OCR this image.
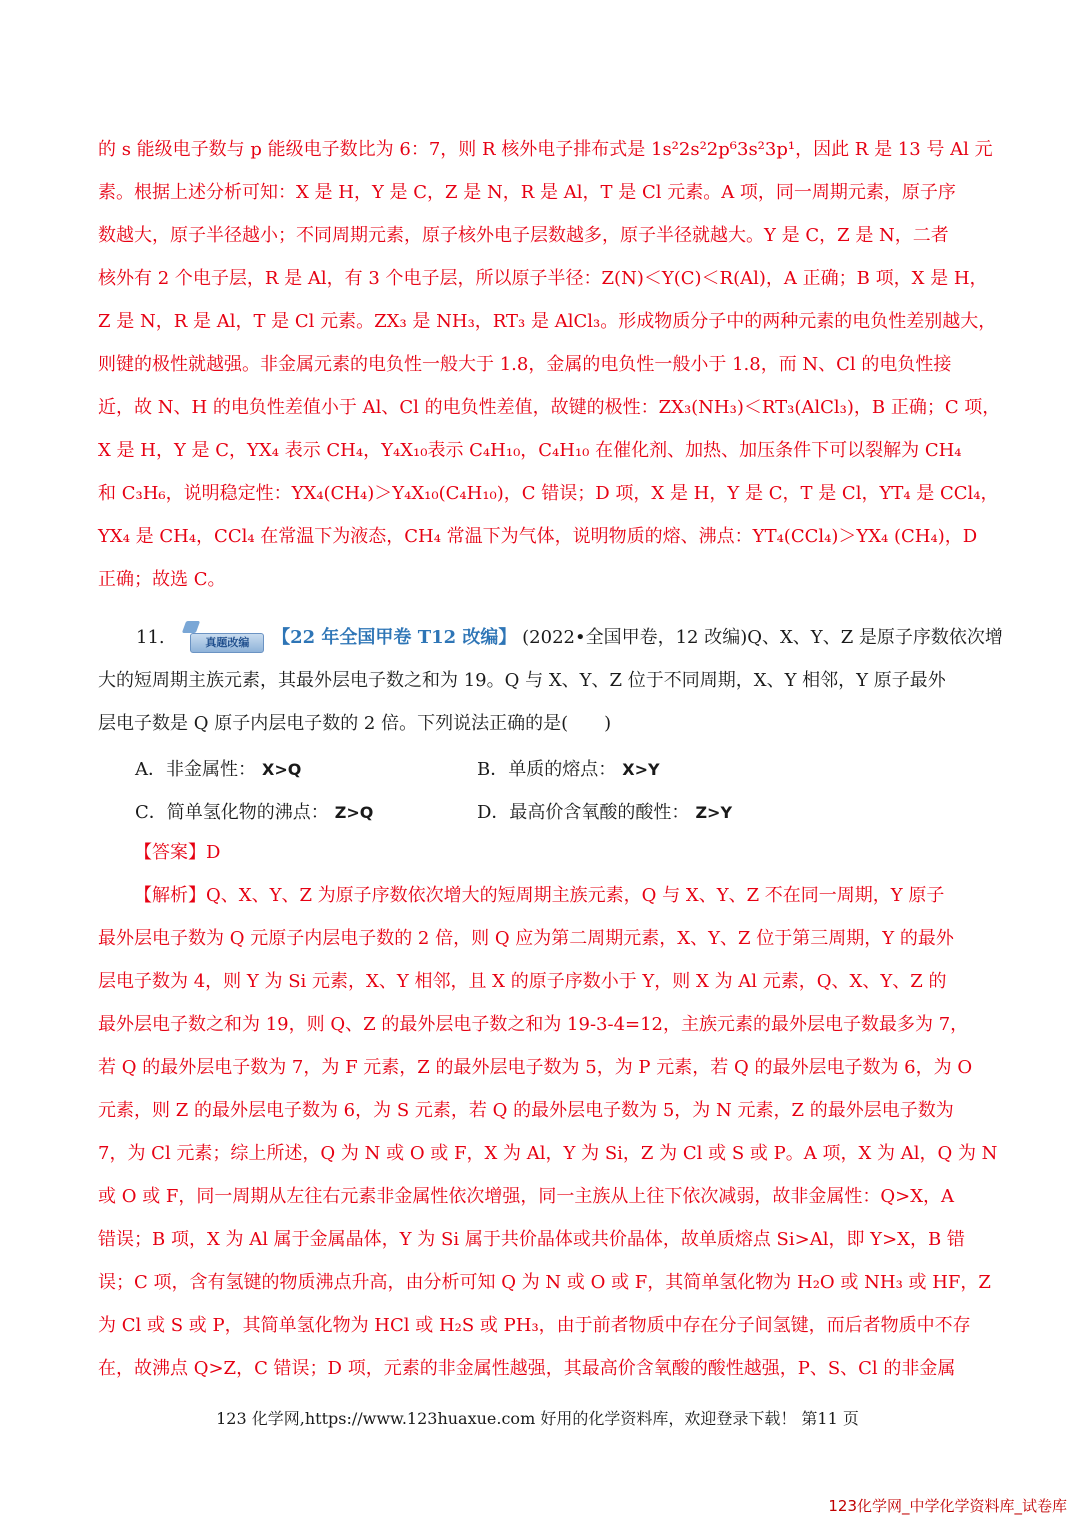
的 s 能级电子数与 p 能级电子数比为 6：7，则 R 核外电子排布式是 1s²2s²2p⁶3s²3p¹，因此 R 是 13 号 Al 元
素。根据上述分析可知：X 是 H，Y 是 C，Z 是 N，R 是 Al，T 是 Cl 元素。A 项，同一周期元素，原子序
数越大，原子半径越小；不同周期元素，原子核外电子层数越多，原子半径就越大。Y 是 C，Z 是 N，二者
核外有 2 个电子层，R 是 Al，有 3 个电子层，所以原子半径：Z(N)＜Y(C)＜R(Al)，A 正确；B 项，X 是 H，
Z 是 N，R 是 Al，T 是 Cl 元素。ZX₃ 是 NH₃，RT₃ 是 AlCl₃。形成物质分子中的两种元素的电负性差别越大，
则键的极性就越强。非金属元素的电负性一般大于 1.8，金属的电负性一般小于 1.8，而 N、Cl 的电负性接
近，故 N、H 的电负性差值小于 Al、Cl 的电负性差值，故键的极性：ZX₃(NH₃)＜RT₃(AlCl₃)，B 正确；C 项，
X 是 H，Y 是 C，YX₄ 表示 CH₄，Y₄X₁₀表示 C₄H₁₀，C₄H₁₀ 在催化剂、加热、加压条件下可以裂解为 CH₄
和 C₃H₆，说明稳定性：YX₄(CH₄)＞Y₄X₁₀(C₄H₁₀)，C 错误；D 项，X 是 H，Y 是 C，T 是 Cl，YT₄ 是 CCl₄，
YX₄ 是 CH₄，CCl₄ 在常温下为液态，CH₄ 常温下为气体，说明物质的熔、沸点：YT₄(CCl₄)＞YX₄ (CH₄)，D
正确；故选 C。
11.	真题改编	【22 年全国甲卷 T12 改编】 (2022•全国甲卷，12 改编)Q、X、Y、Z 是原子序数依次增
大的短周期主族元素，其最外层电子数之和为 19。Q 与 X、Y、Z 位于不同周期，X、Y 相邻，Y 原子最外
层电子数是 Q 原子内层电子数的 2 倍。下列说法正确的是(　　)
A．非金属性： X>Q	B．单质的熔点： X>Y
C．简单氢化物的沸点： Z>Q	D．最高价含氧酸的酸性： Z>Y
【答案】D
【解析】Q、X、Y、Z 为原子序数依次增大的短周期主族元素，Q 与 X、Y、Z 不在同一周期，Y 原子
最外层电子数为 Q 元原子内层电子数的 2 倍，则 Q 应为第二周期元素，X、Y、Z 位于第三周期，Y 的最外
层电子数为 4，则 Y 为 Si 元素，X、Y 相邻，且 X 的原子序数小于 Y，则 X 为 Al 元素，Q、X、Y、Z 的
最外层电子数之和为 19，则 Q、Z 的最外层电子数之和为 19-3-4=12，主族元素的最外层电子数最多为 7，
若 Q 的最外层电子数为 7，为 F 元素，Z 的最外层电子数为 5，为 P 元素，若 Q 的最外层电子数为 6，为 O
元素，则 Z 的最外层电子数为 6，为 S 元素，若 Q 的最外层电子数为 5，为 N 元素，Z 的最外层电子数为
7，为 Cl 元素；综上所述，Q 为 N 或 O 或 F，X 为 Al，Y 为 Si，Z 为 Cl 或 S 或 P。A 项，X 为 Al，Q 为 N
或 O 或 F，同一周期从左往右元素非金属性依次增强，同一主族从上往下依次减弱，故非金属性：Q>X，A
错误；B 项，X 为 Al 属于金属晶体，Y 为 Si 属于共价晶体或共价晶体，故单质熔点 Si>Al，即 Y>X，B 错
误；C 项，含有氢键的物质沸点升高，由分析可知 Q 为 N 或 O 或 F，其简单氢化物为 H₂O 或 NH₃ 或 HF，Z
为 Cl 或 S 或 P，其简单氢化物为 HCl 或 H₂S 或 PH₃，由于前者物质中存在分子间氢键，而后者物质中不存
在，故沸点 Q>Z，C 错误；D 项，元素的非金属性越强，其最高价含氧酸的酸性越强，P、S、Cl 的非金属
123 化学网,https://www.123huaxue.com 好用的化学资料库，欢迎登录下载！ 第11 页
123化学网_中学化学资料库_试卷库
